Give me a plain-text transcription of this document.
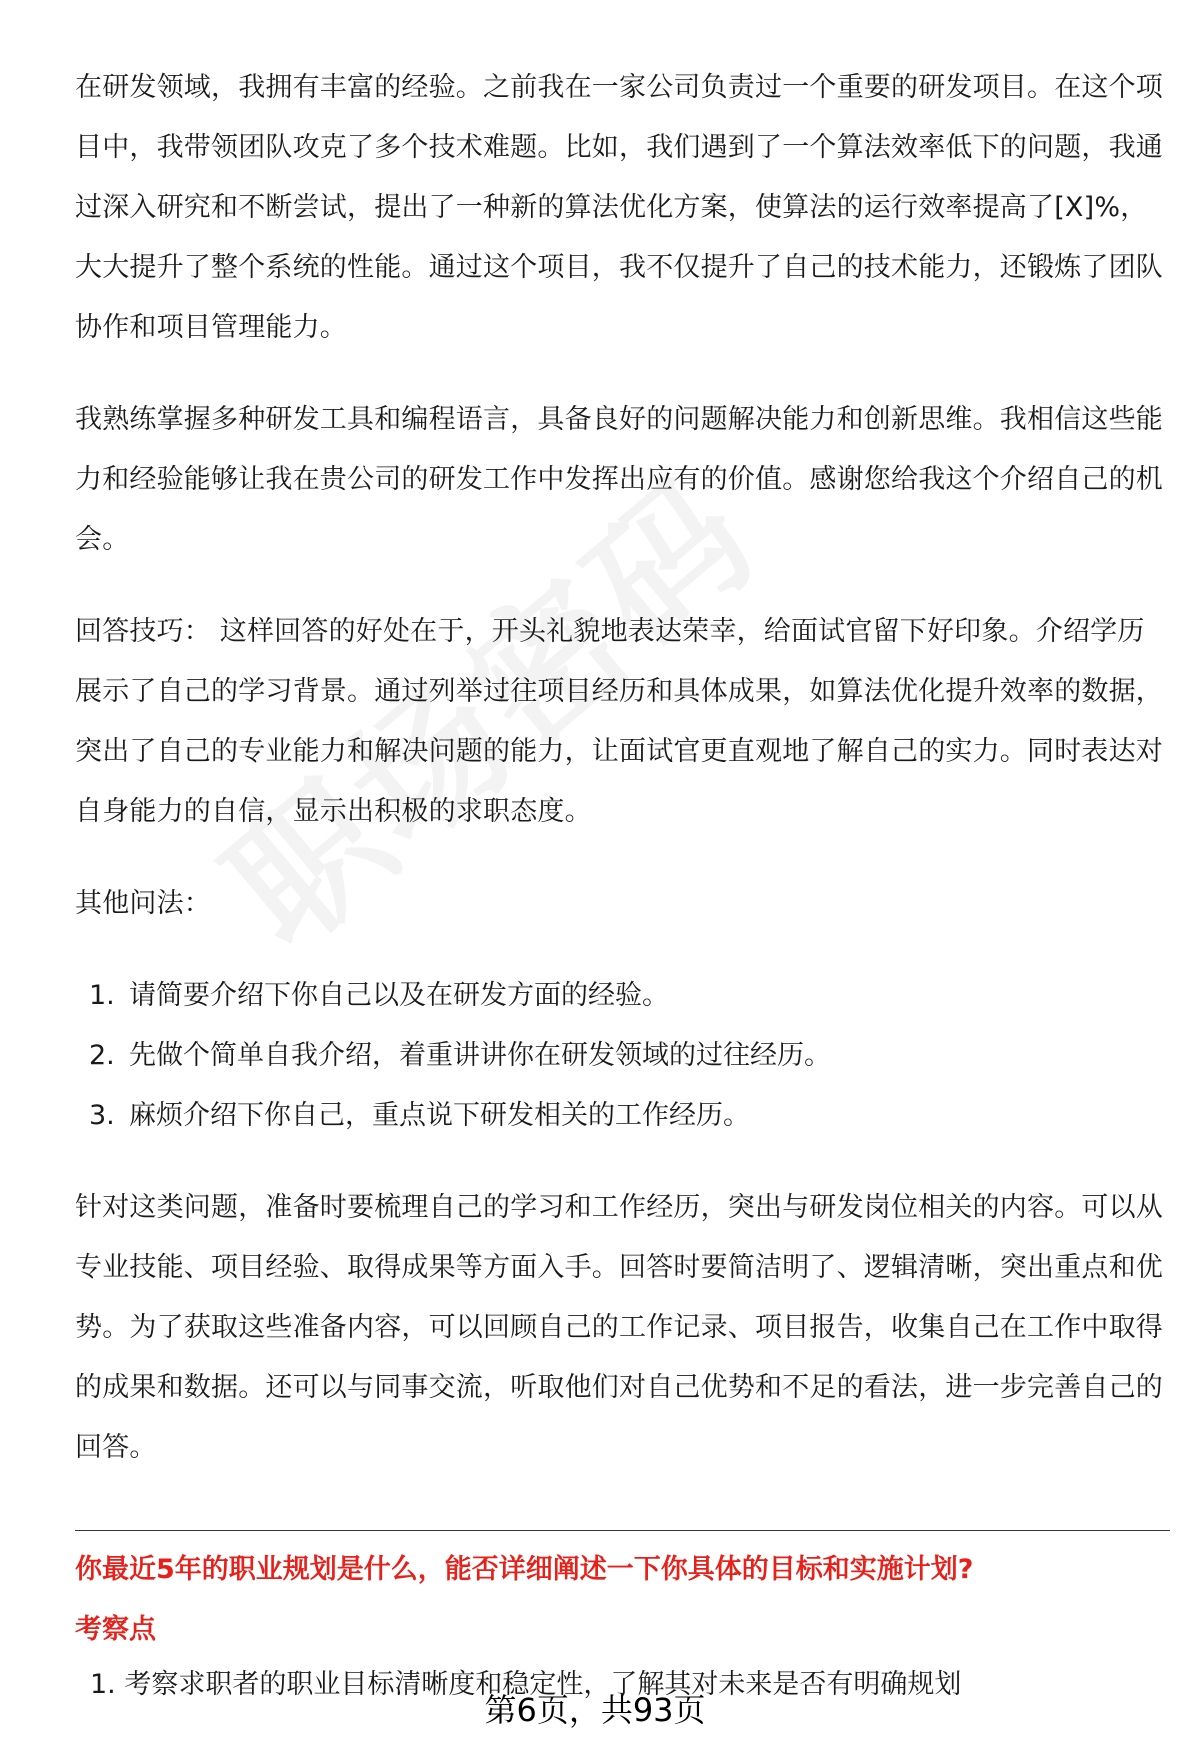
在研发领域，我拥有丰富的经验。之前我在一家公司负责过一个重要的研发项目。在这个项目中，我带领团队攻克了多个技术难题。比如，我们遇到了一个算法效率低下的问题，我通过深入研究和不断尝试，提出了一种新的算法优化方案，使算法的运行效率提高了[X]%，大大提升了整个系统的性能。通过这个项目，我不仅提升了自己的技术能力，还锻炼了团队协作和项目管理能力。

我熟练掌握多种研发工具和编程语言，具备良好的问题解决能力和创新思维。我相信这些能力和经验能够让我在贵公司的研发工作中发挥出应有的价值。感谢您给我这个介绍自己的机会。

回答技巧： 这样回答的好处在于，开头礼貌地表达荣幸，给面试官留下好印象。介绍学历展示了自己的学习背景。通过列举过往项目经历和具体成果，如算法优化提升效率的数据，突出了自己的专业能力和解决问题的能力，让面试官更直观地了解自己的实力。同时表达对自身能力的自信，显示出积极的求职态度。

其他问法：

1. 请简要介绍下你自己以及在研发方面的经验。
2. 先做个简单自我介绍，着重讲讲你在研发领域的过往经历。
3. 麻烦介绍下你自己，重点说下研发相关的工作经历。

针对这类问题，准备时要梳理自己的学习和工作经历，突出与研发岗位相关的内容。可以从专业技能、项目经验、取得成果等方面入手。回答时要简洁明了、逻辑清晰，突出重点和优势。为了获取这些准备内容，可以回顾自己的工作记录、项目报告，收集自己在工作中取得的成果和数据。还可以与同事交流，听取他们对自己优势和不足的看法，进一步完善自己的回答。

你最近5年的职业规划是什么，能否详细阐述一下你具体的目标和实施计划?
考察点
1. 考察求职者的职业目标清晰度和稳定性，了解其对未来是否有明确规划
第6页，共93页
